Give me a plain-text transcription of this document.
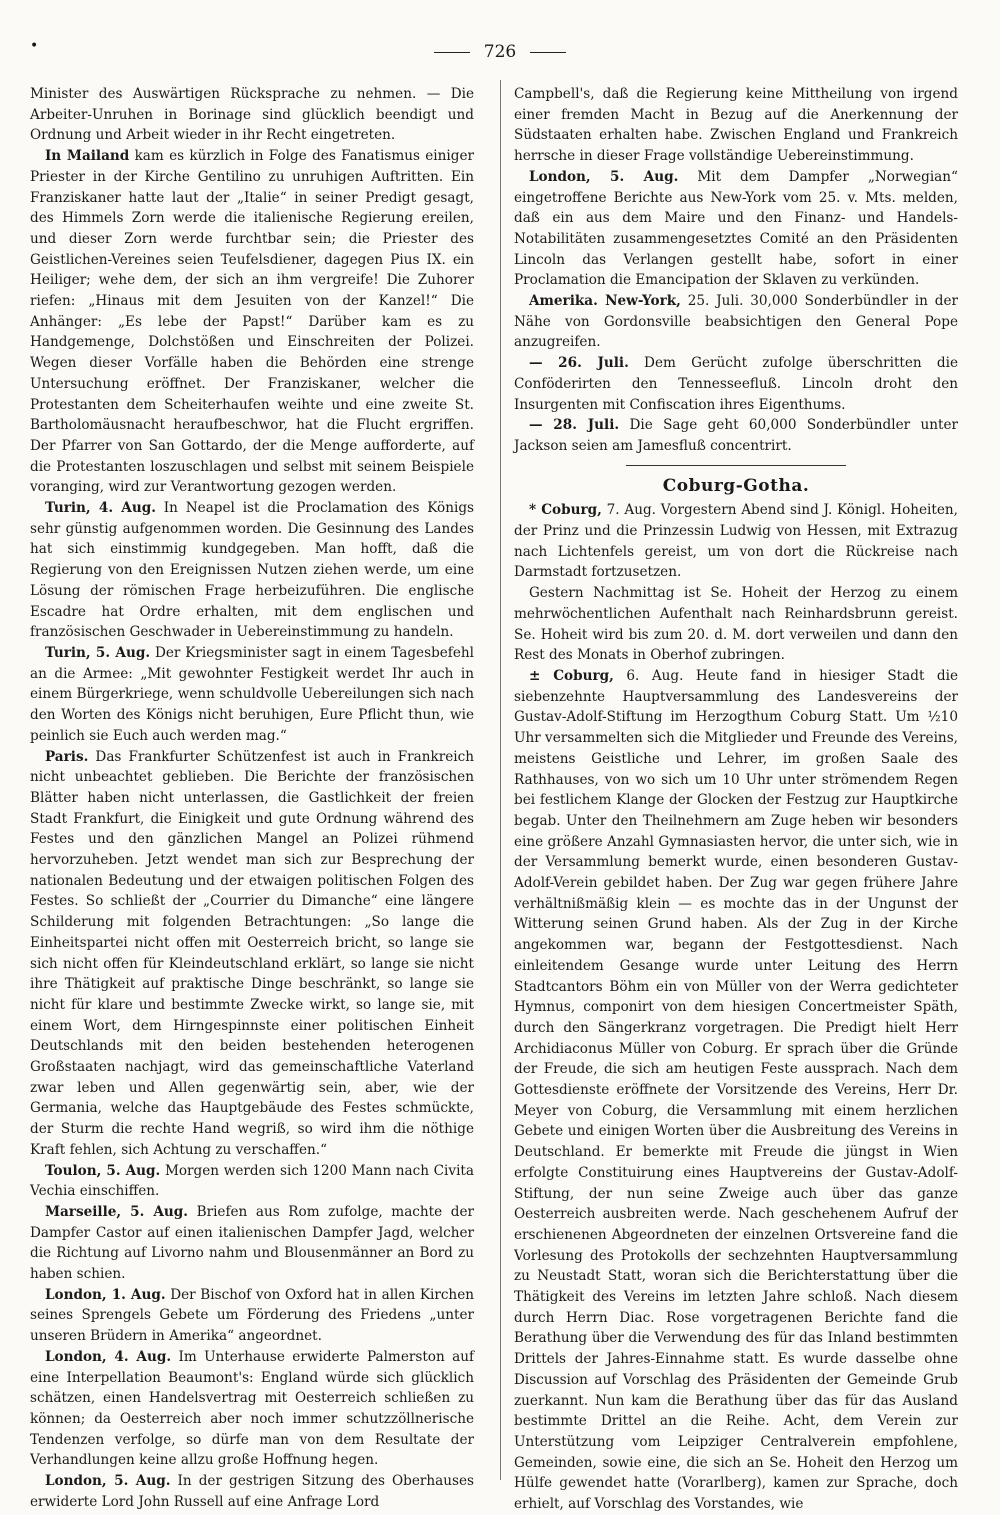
•	726

Minister des Auswärtigen Rücksprache zu nehmen. — Die Arbeiter-Unruhen in Borinage sind glücklich beendigt und Ordnung und Arbeit wieder in ihr Recht eingetreten.

In Mailand kam es kürzlich in Folge des Fanatismus einiger Priester in der Kirche Gentilino zu unruhigen Auftritten. Ein Franziskaner hatte laut der „Italie“ in seiner Predigt gesagt, des Himmels Zorn werde die italienische Regierung ereilen, und dieser Zorn werde furchtbar sein; die Priester des Geistlichen-Vereines seien Teufelsdiener, dagegen Pius IX. ein Heiliger; wehe dem, der sich an ihm vergreife! Die Zuhorer riefen: „Hinaus mit dem Jesuiten von der Kanzel!“ Die Anhänger: „Es lebe der Papst!“ Darüber kam es zu Handgemenge, Dolchstößen und Einschreiten der Polizei. Wegen dieser Vorfälle haben die Behörden eine strenge Untersuchung eröffnet. Der Franziskaner, welcher die Protestanten dem Scheiterhaufen weihte und eine zweite St. Bartholomäusnacht heraufbeschwor, hat die Flucht ergriffen. Der Pfarrer von San Gottardo, der die Menge aufforderte, auf die Protestanten loszuschlagen und selbst mit seinem Beispiele voranging, wird zur Verantwortung gezogen werden.

Turin, 4. Aug. In Neapel ist die Proclamation des Königs sehr günstig aufgenommen worden. Die Gesinnung des Landes hat sich einstimmig kundgegeben. Man hofft, daß die Regierung von den Ereignissen Nutzen ziehen werde, um eine Lösung der römischen Frage herbeizuführen. Die englische Escadre hat Ordre erhalten, mit dem englischen und französischen Geschwader in Uebereinstimmung zu handeln.

Turin, 5. Aug. Der Kriegsminister sagt in einem Tagesbefehl an die Armee: „Mit gewohnter Festigkeit werdet Ihr auch in einem Bürgerkriege, wenn schuldvolle Uebereilungen sich nach den Worten des Königs nicht beruhigen, Eure Pflicht thun, wie peinlich sie Euch auch werden mag.“

Paris. Das Frankfurter Schützenfest ist auch in Frankreich nicht unbeachtet geblieben. Die Berichte der französischen Blätter haben nicht unterlassen, die Gastlichkeit der freien Stadt Frankfurt, die Einigkeit und gute Ordnung während des Festes und den gänzlichen Mangel an Polizei rühmend hervorzuheben. Jetzt wendet man sich zur Besprechung der nationalen Bedeutung und der etwaigen politischen Folgen des Festes. So schließt der „Courrier du Dimanche“ eine längere Schilderung mit folgenden Betrachtungen: „So lange die Einheitspartei nicht offen mit Oesterreich bricht, so lange sie sich nicht offen für Kleindeutschland erklärt, so lange sie nicht ihre Thätigkeit auf praktische Dinge beschränkt, so lange sie nicht für klare und bestimmte Zwecke wirkt, so lange sie, mit einem Wort, dem Hirngespinnste einer politischen Einheit Deutschlands mit den beiden bestehenden heterogenen Großstaaten nachjagt, wird das gemeinschaftliche Vaterland zwar leben und Allen gegenwärtig sein, aber, wie der Germania, welche das Hauptgebäude des Festes schmückte, der Sturm die rechte Hand wegriß, so wird ihm die nöthige Kraft fehlen, sich Achtung zu verschaffen.“

Toulon, 5. Aug. Morgen werden sich 1200 Mann nach Civita Vechia einschiffen.

Marseille, 5. Aug. Briefen aus Rom zufolge, machte der Dampfer Castor auf einen italienischen Dampfer Jagd, welcher die Richtung auf Livorno nahm und Blousenmänner an Bord zu haben schien.

London, 1. Aug. Der Bischof von Oxford hat in allen Kirchen seines Sprengels Gebete um Förderung des Friedens „unter unseren Brüdern in Amerika“ angeordnet.

London, 4. Aug. Im Unterhause erwiderte Palmerston auf eine Interpellation Beaumont's: England würde sich glücklich schätzen, einen Handelsvertrag mit Oesterreich schließen zu können; da Oesterreich aber noch immer schutzzöllnerische Tendenzen verfolge, so dürfe man von dem Resultate der Verhandlungen keine allzu große Hoffnung hegen.

London, 5. Aug. In der gestrigen Sitzung des Oberhauses erwiderte Lord John Russell auf eine Anfrage Lord

Campbell's, daß die Regierung keine Mittheilung von irgend einer fremden Macht in Bezug auf die Anerkennung der Südstaaten erhalten habe. Zwischen England und Frankreich herrsche in dieser Frage vollständige Uebereinstimmung.

London, 5. Aug. Mit dem Dampfer „Norwegian“ eingetroffene Berichte aus New-York vom 25. v. Mts. melden, daß ein aus dem Maire und den Finanz- und Handels-Notabilitäten zusammengesetztes Comité an den Präsidenten Lincoln das Verlangen gestellt habe, sofort in einer Proclamation die Emancipation der Sklaven zu verkünden.

Amerika. New-York, 25. Juli. 30,000 Sonderbündler in der Nähe von Gordonsville beabsichtigen den General Pope anzugreifen.

— 26. Juli. Dem Gerücht zufolge überschritten die Conföderirten den Tennesseefluß. Lincoln droht den Insurgenten mit Confiscation ihres Eigenthums.

— 28. Juli. Die Sage geht 60,000 Sonderbündler unter Jackson seien am Jamesfluß concentrirt.

Coburg-Gotha.

* Coburg, 7. Aug. Vorgestern Abend sind J. Königl. Hoheiten, der Prinz und die Prinzessin Ludwig von Hessen, mit Extrazug nach Lichtenfels gereist, um von dort die Rückreise nach Darmstadt fortzusetzen.

Gestern Nachmittag ist Se. Hoheit der Herzog zu einem mehrwöchentlichen Aufenthalt nach Reinhardsbrunn gereist. Se. Hoheit wird bis zum 20. d. M. dort verweilen und dann den Rest des Monats in Oberhof zubringen.

± Coburg, 6. Aug. Heute fand in hiesiger Stadt die siebenzehnte Hauptversammlung des Landesvereins der Gustav-Adolf-Stiftung im Herzogthum Coburg Statt. Um ½10 Uhr versammelten sich die Mitglieder und Freunde des Vereins, meistens Geistliche und Lehrer, im großen Saale des Rathhauses, von wo sich um 10 Uhr unter strömendem Regen bei festlichem Klange der Glocken der Festzug zur Hauptkirche begab. Unter den Theilnehmern am Zuge heben wir besonders eine größere Anzahl Gymnasiasten hervor, die unter sich, wie in der Versammlung bemerkt wurde, einen besonderen Gustav-Adolf-Verein gebildet haben. Der Zug war gegen frühere Jahre verhältnißmäßig klein — es mochte das in der Ungunst der Witterung seinen Grund haben. Als der Zug in der Kirche angekommen war, begann der Festgottesdienst. Nach einleitendem Gesange wurde unter Leitung des Herrn Stadtcantors Böhm ein von Müller von der Werra gedichteter Hymnus, componirt von dem hiesigen Concertmeister Späth, durch den Sängerkranz vorgetragen. Die Predigt hielt Herr Archidiaconus Müller von Coburg. Er sprach über die Gründe der Freude, die sich am heutigen Feste aussprach. Nach dem Gottesdienste eröffnete der Vorsitzende des Vereins, Herr Dr. Meyer von Coburg, die Versammlung mit einem herzlichen Gebete und einigen Worten über die Ausbreitung des Vereins in Deutschland. Er bemerkte mit Freude die jüngst in Wien erfolgte Constituirung eines Hauptvereins der Gustav-Adolf-Stiftung, der nun seine Zweige auch über das ganze Oesterreich ausbreiten werde. Nach geschehenem Aufruf der erschienenen Abgeordneten der einzelnen Ortsvereine fand die Vorlesung des Protokolls der sechzehnten Hauptversammlung zu Neustadt Statt, woran sich die Berichterstattung über die Thätigkeit des Vereins im letzten Jahre schloß. Nach diesem durch Herrn Diac. Rose vorgetragenen Berichte fand die Berathung über die Verwendung des für das Inland bestimmten Drittels der Jahres-Einnahme statt. Es wurde dasselbe ohne Discussion auf Vorschlag des Präsidenten der Gemeinde Grub zuerkannt. Nun kam die Berathung über das für das Ausland bestimmte Drittel an die Reihe. Acht, dem Verein zur Unterstützung vom Leipziger Centralverein empfohlene, Gemeinden, sowie eine, die sich an Se. Hoheit den Herzog um Hülfe gewendet hatte (Vorarlberg), kamen zur Sprache, doch erhielt, auf Vorschlag des Vorstandes, wie
